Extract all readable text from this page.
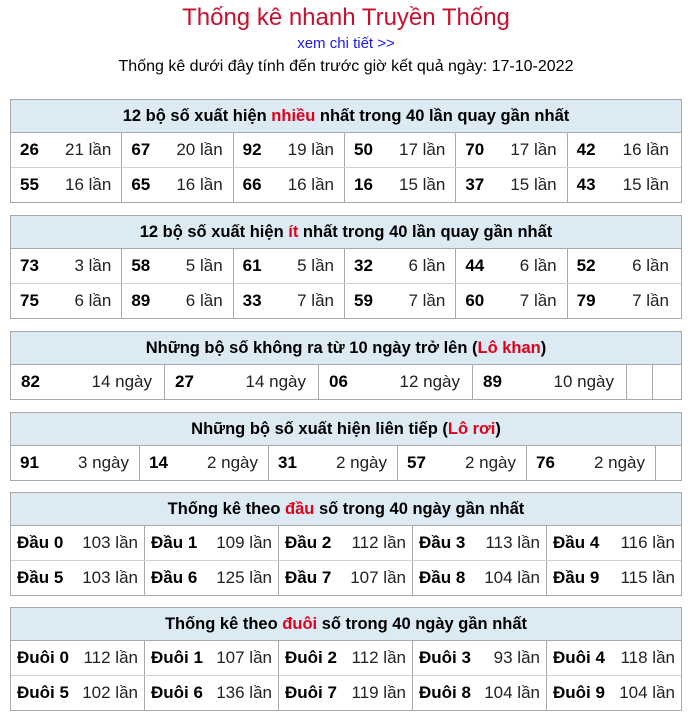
Thống kê nhanh Truyền Thống
xem chi tiết >>
Thống kê dưới đây tính đến trước giờ kết quả ngày: 17-10-2022
12 bộ số xuất hiện nhiều nhất trong 40 lần quay gần nhất
26 21 lần 67 20 lần 92 19 lần 50 17 lần 70 17 lần 42 16 lần
55 16 lần 65 16 lần 66 16 lần 16 15 lần 37 15 lần 43 15 lần
12 bộ số xuất hiện ít nhất trong 40 lần quay gần nhất
73 3 lần 58 5 lần 61 5 lần 32 6 lần 44 6 lần 52 6 lần
75 6 lần 89 6 lần 33 7 lần 59 7 lần 60 7 lần 79 7 lần
Những bộ số không ra từ 10 ngày trở lên (Lô khan)
82	14 ngày 27	14 ngày 06	12 ngày 89	10 ngày
Những bộ số xuất hiện liên tiếp (Lô rơi)
91 3 ngày 14 2 ngày 31 2 ngày 57 2 ngày 76 2 ngày
Thống kê theo đầu số trong 40 ngày gần nhất
Đầu 0 103 lần Đầu 1 109 lần Đầu 2 112 lần Đầu 3 113 lần Đầu 4 116 lần
Đầu 5 103 lần Đầu 6 125 lần Đầu 7 107 lần Đầu 8 104 lần Đầu 9 115 lần
Thống kê theo đuôi số trong 40 ngày gần nhất
Đuôi 0 112 lần Đuôi 1 107 lần Đuôi 2 112 lần Đuôi 3 93 lần Đuôi 4 118 lần
Đuôi 5 102 lần Đuôi 6 136 lần Đuôi 7 119 lần Đuôi 8 104 lần Đuôi 9 104 lần
